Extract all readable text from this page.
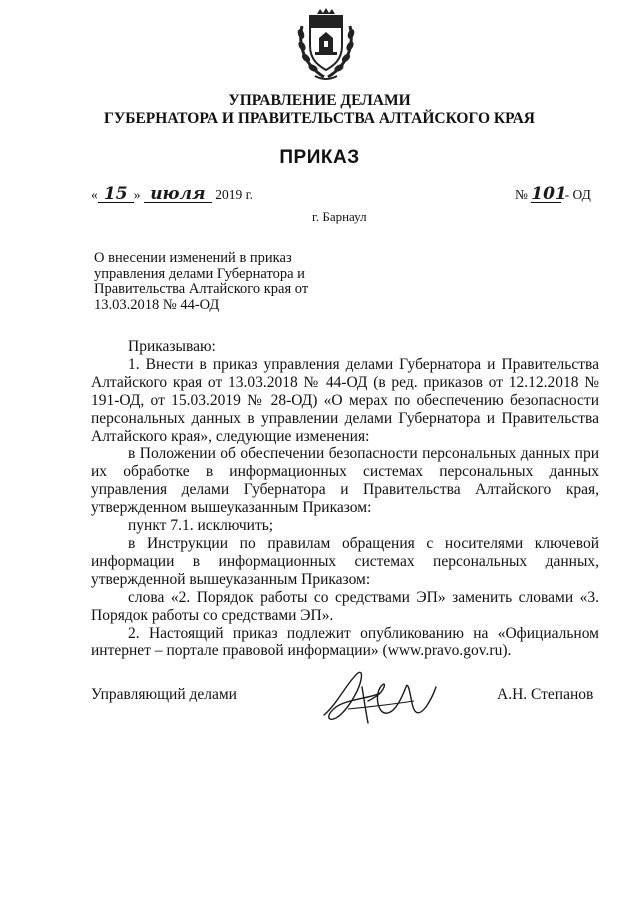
УПРАВЛЕНИЕ ДЕЛАМИ
ГУБЕРНАТОРА И ПРАВИТЕЛЬСТВА АЛТАЙСКОГО КРАЯ
ПРИКАЗ
« 15 » июля 2019 г.	№ 101 - ОД
г. Барнаул
О внесении изменений в приказ
управления делами Губернатора и
Правительства Алтайского края от
13.03.2018 № 44-ОД

Приказываю:

1. Внести в приказ управления делами Губернатора и Правительства Алтайского края от 13.03.2018 № 44-ОД (в ред. приказов от 12.12.2018 № 191-ОД, от 15.03.2019 № 28-ОД) «О мерах по обеспечению безопасности персональных данных в управлении делами Губернатора и Правительства Алтайского края», следующие изменения:

в Положении об обеспечении безопасности персональных данных при их обработке в информационных системах персональных данных управления делами Губернатора и Правительства Алтайского края, утвержденном вышеуказанным Приказом:

пункт 7.1. исключить;

в Инструкции по правилам обращения с носителями ключевой информации в информационных системах персональных данных, утвержденной вышеуказанным Приказом:

слова «2. Порядок работы со средствами ЭП» заменить словами «3. Порядок работы со средствами ЭП».

2. Настоящий приказ подлежит опубликованию на «Официальном интернет – портале правовой информации» (www.pravo.gov.ru).

Управляющий делами	А.Н. Степанов
